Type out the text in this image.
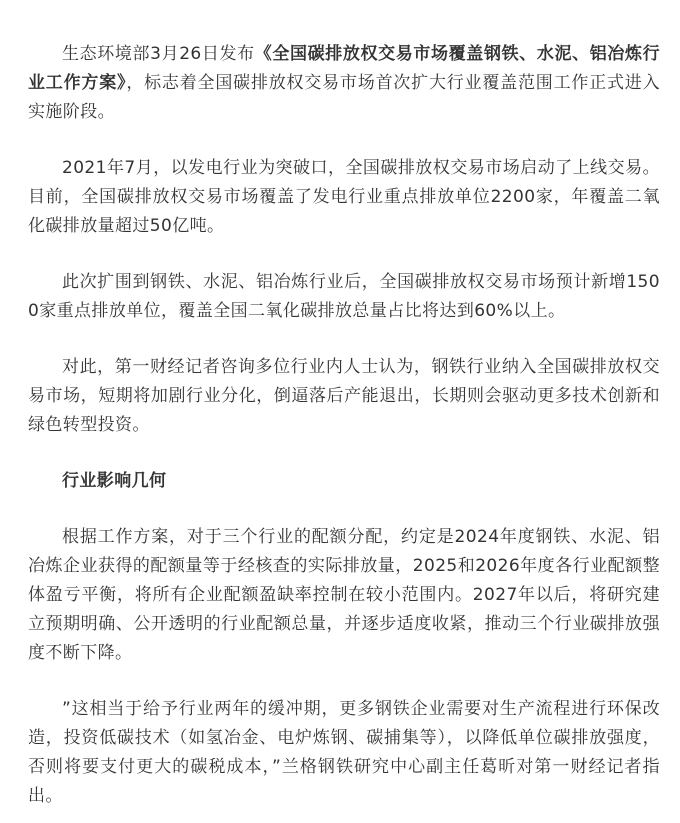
生态环境部3月26日发布《全国碳排放权交易市场覆盖钢铁、水泥、铝冶炼行业工作方案》，标志着全国碳排放权交易市场首次扩大行业覆盖范围工作正式进入实施阶段。

2021年7月，以发电行业为突破口，全国碳排放权交易市场启动了上线交易。目前，全国碳排放权交易市场覆盖了发电行业重点排放单位2200家，年覆盖二氧化碳排放量超过50亿吨。

此次扩围到钢铁、水泥、铝冶炼行业后，全国碳排放权交易市场预计新增1500家重点排放单位，覆盖全国二氧化碳排放总量占比将达到60%以上。

对此，第一财经记者咨询多位行业内人士认为，钢铁行业纳入全国碳排放权交易市场，短期将加剧行业分化，倒逼落后产能退出，长期则会驱动更多技术创新和绿色转型投资。

行业影响几何

根据工作方案，对于三个行业的配额分配，约定是2024年度钢铁、水泥、铝冶炼企业获得的配额量等于经核查的实际排放量，2025和2026年度各行业配额整体盈亏平衡，将所有企业配额盈缺率控制在较小范围内。2027年以后，将研究建立预期明确、公开透明的行业配额总量，并逐步适度收紧，推动三个行业碳排放强度不断下降。

”这相当于给予行业两年的缓冲期，更多钢铁企业需要对生产流程进行环保改造，投资低碳技术（如氢冶金、电炉炼钢、碳捕集等），以降低单位碳排放强度，否则将要支付更大的碳税成本，”兰格钢铁研究中心副主任葛昕对第一财经记者指出。
